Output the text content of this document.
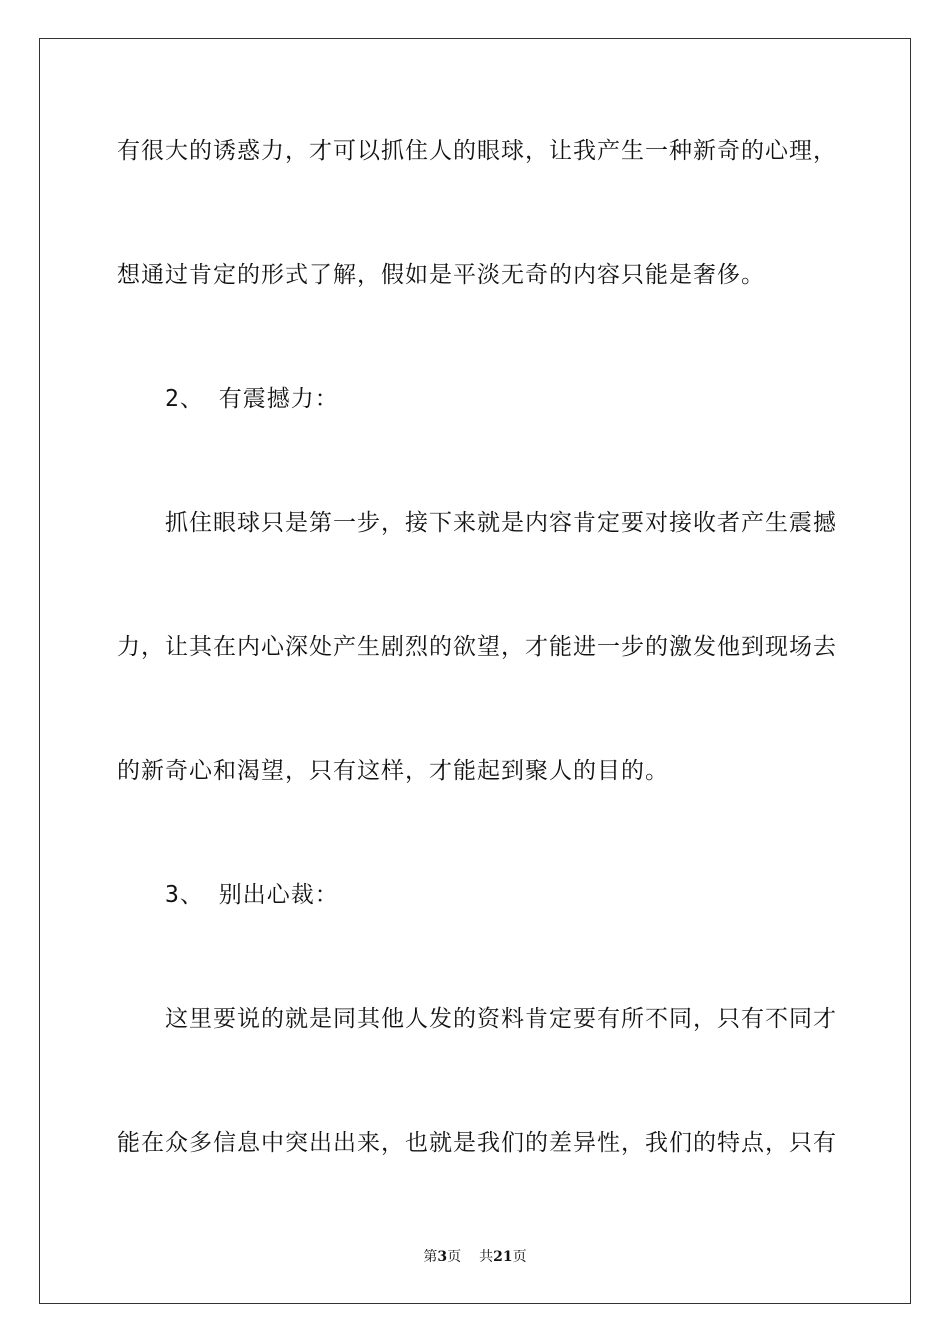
有很大的诱惑力，才可以抓住人的眼球，让我产生一种新奇的心理，

想通过肯定的形式了解，假如是平淡无奇的内容只能是奢侈。

2、 有震撼力：

抓住眼球只是第一步，接下来就是内容肯定要对接收者产生震撼

力，让其在内心深处产生剧烈的欲望，才能进一步的激发他到现场去

的新奇心和渴望，只有这样，才能起到聚人的目的。

3、 别出心裁：

这里要说的就是同其他人发的资料肯定要有所不同，只有不同才

能在众多信息中突出出来，也就是我们的差异性，我们的特点，只有

第3页 共21页
